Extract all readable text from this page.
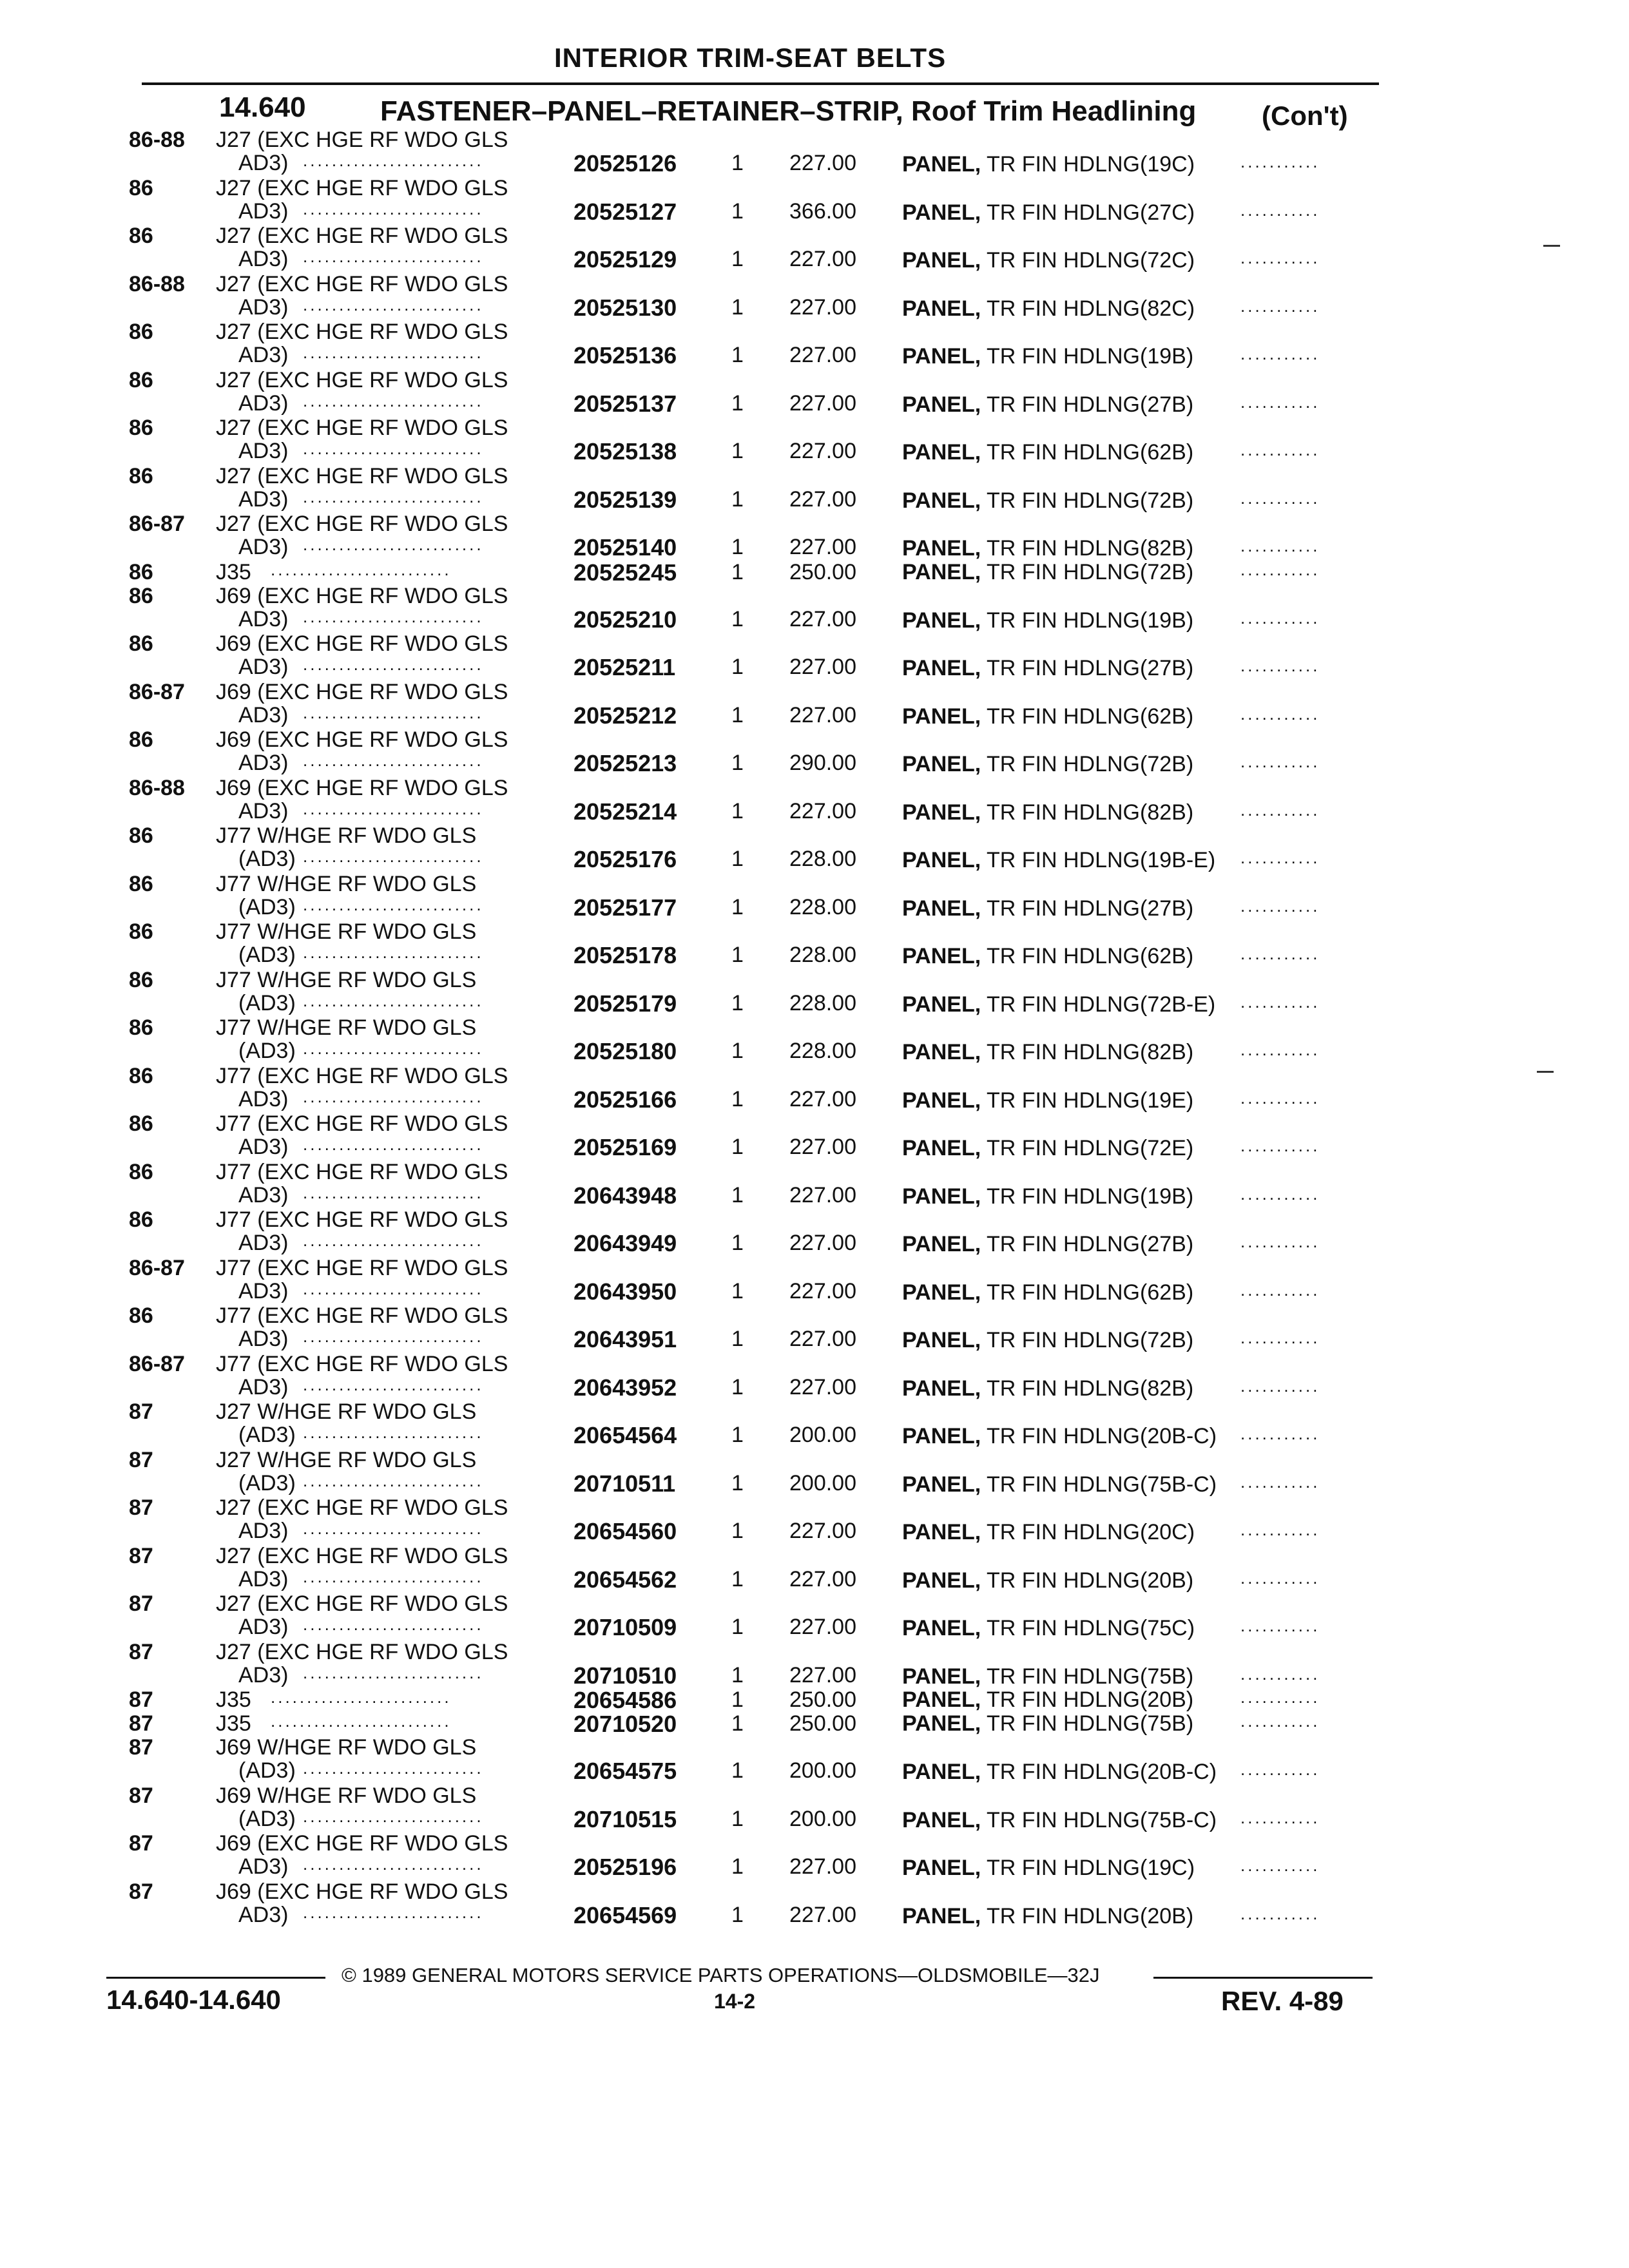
INTERIOR TRIM-SEAT BELTS
14.640	FASTENER–PANEL–RETAINER–STRIP, Roof Trim Headlining (Con't)
86-88	J27 (EXC HGE RF WDO GLS
AD3) .........................	20525126 1 227.00 PANEL, TR FIN HDLNG(19C)	...........
86	J27 (EXC HGE RF WDO GLS
AD3) .........................	20525127 1 366.00 PANEL, TR FIN HDLNG(27C)	...........
86	J27 (EXC HGE RF WDO GLS
AD3) .........................	20525129 1 227.00 PANEL, TR FIN HDLNG(72C)	...........
86-88	J27 (EXC HGE RF WDO GLS
AD3) .........................	20525130 1 227.00 PANEL, TR FIN HDLNG(82C)	...........
86	J27 (EXC HGE RF WDO GLS
AD3) .........................	20525136 1 227.00 PANEL, TR FIN HDLNG(19B)	...........
86	J27 (EXC HGE RF WDO GLS
AD3) .........................	20525137 1 227.00 PANEL, TR FIN HDLNG(27B)	...........
86	J27 (EXC HGE RF WDO GLS
AD3) .........................	20525138 1 227.00 PANEL, TR FIN HDLNG(62B)	...........
86	J27 (EXC HGE RF WDO GLS
AD3) .........................	20525139 1 227.00 PANEL, TR FIN HDLNG(72B)	...........
86-87	J27 (EXC HGE RF WDO GLS
AD3) .........................	20525140 1 227.00 PANEL, TR FIN HDLNG(82B)	...........
86	J35 .........................	20525245 1 250.00 PANEL, TR FIN HDLNG(72B)	...........
86	J69 (EXC HGE RF WDO GLS
AD3) .........................	20525210 1 227.00 PANEL, TR FIN HDLNG(19B)	...........
86	J69 (EXC HGE RF WDO GLS
AD3) .........................	20525211	1 227.00 PANEL, TR FIN HDLNG(27B)	...........
86-87	J69 (EXC HGE RF WDO GLS
AD3) .........................	20525212 1 227.00 PANEL, TR FIN HDLNG(62B)	...........
86	J69 (EXC HGE RF WDO GLS
AD3) .........................	20525213 1 290.00 PANEL, TR FIN HDLNG(72B)	...........
86-88	J69 (EXC HGE RF WDO GLS
AD3) .........................	20525214 1 227.00 PANEL, TR FIN HDLNG(82B)	...........
86	J77 W/HGE RF WDO GLS
(AD3) .........................	20525176 1 228.00 PANEL, TR FIN HDLNG(19B-E) ...........
86	J77 W/HGE RF WDO GLS
(AD3) .........................	20525177 1 228.00 PANEL, TR FIN HDLNG(27B)	...........
86	J77 W/HGE RF WDO GLS
(AD3) .........................	20525178 1 228.00 PANEL, TR FIN HDLNG(62B)	...........
86	J77 W/HGE RF WDO GLS
(AD3) .........................	20525179 1 228.00 PANEL, TR FIN HDLNG(72B-E) ...........
86	J77 W/HGE RF WDO GLS
(AD3) .........................	20525180 1 228.00 PANEL, TR FIN HDLNG(82B)	...........
86	J77 (EXC HGE RF WDO GLS
AD3) .........................	20525166 1 227.00 PANEL, TR FIN HDLNG(19E)	...........
86	J77 (EXC HGE RF WDO GLS
AD3) .........................	20525169 1 227.00 PANEL, TR FIN HDLNG(72E)	...........
86	J77 (EXC HGE RF WDO GLS
AD3) .........................	20643948 1 227.00 PANEL, TR FIN HDLNG(19B)	...........
86	J77 (EXC HGE RF WDO GLS
AD3) .........................	20643949 1 227.00 PANEL, TR FIN HDLNG(27B)	...........
86-87	J77 (EXC HGE RF WDO GLS
AD3) .........................	20643950 1 227.00 PANEL, TR FIN HDLNG(62B)	...........
86	J77 (EXC HGE RF WDO GLS
AD3) .........................	20643951 1 227.00 PANEL, TR FIN HDLNG(72B)	...........
86-87	J77 (EXC HGE RF WDO GLS
AD3) .........................	20643952 1 227.00 PANEL, TR FIN HDLNG(82B)	...........
87	J27 W/HGE RF WDO GLS
(AD3) .........................	20654564 1 200.00 PANEL, TR FIN HDLNG(20B-C) ...........
87	J27 W/HGE RF WDO GLS
(AD3) .........................	20710511	1 200.00 PANEL, TR FIN HDLNG(75B-C) ...........
87	J27 (EXC HGE RF WDO GLS
AD3) .........................	20654560 1 227.00 PANEL, TR FIN HDLNG(20C)	...........
87	J27 (EXC HGE RF WDO GLS
AD3) .........................	20654562 1 227.00 PANEL, TR FIN HDLNG(20B)	...........
87	J27 (EXC HGE RF WDO GLS
AD3) .........................	20710509 1 227.00 PANEL, TR FIN HDLNG(75C)	...........
87	J27 (EXC HGE RF WDO GLS
AD3) .........................	20710510 1 227.00 PANEL, TR FIN HDLNG(75B)	...........
87	J35 .........................	20654586 1 250.00 PANEL, TR FIN HDLNG(20B)	...........
87	J35 .........................	20710520 1 250.00 PANEL, TR FIN HDLNG(75B)	...........
87	J69 W/HGE RF WDO GLS
(AD3) .........................	20654575 1 200.00 PANEL, TR FIN HDLNG(20B-C) ...........
87	J69 W/HGE RF WDO GLS
(AD3) .........................	20710515 1 200.00 PANEL, TR FIN HDLNG(75B-C) ...........
87	J69 (EXC HGE RF WDO GLS
AD3) .........................	20525196 1 227.00 PANEL, TR FIN HDLNG(19C)	...........
87	J69 (EXC HGE RF WDO GLS
AD3) .........................	20654569 1 227.00 PANEL, TR FIN HDLNG(20B)	...........
© 1989 GENERAL MOTORS SERVICE PARTS OPERATIONS—OLDSMOBILE—32J
14.640-14.640	14-2	REV. 4-89
